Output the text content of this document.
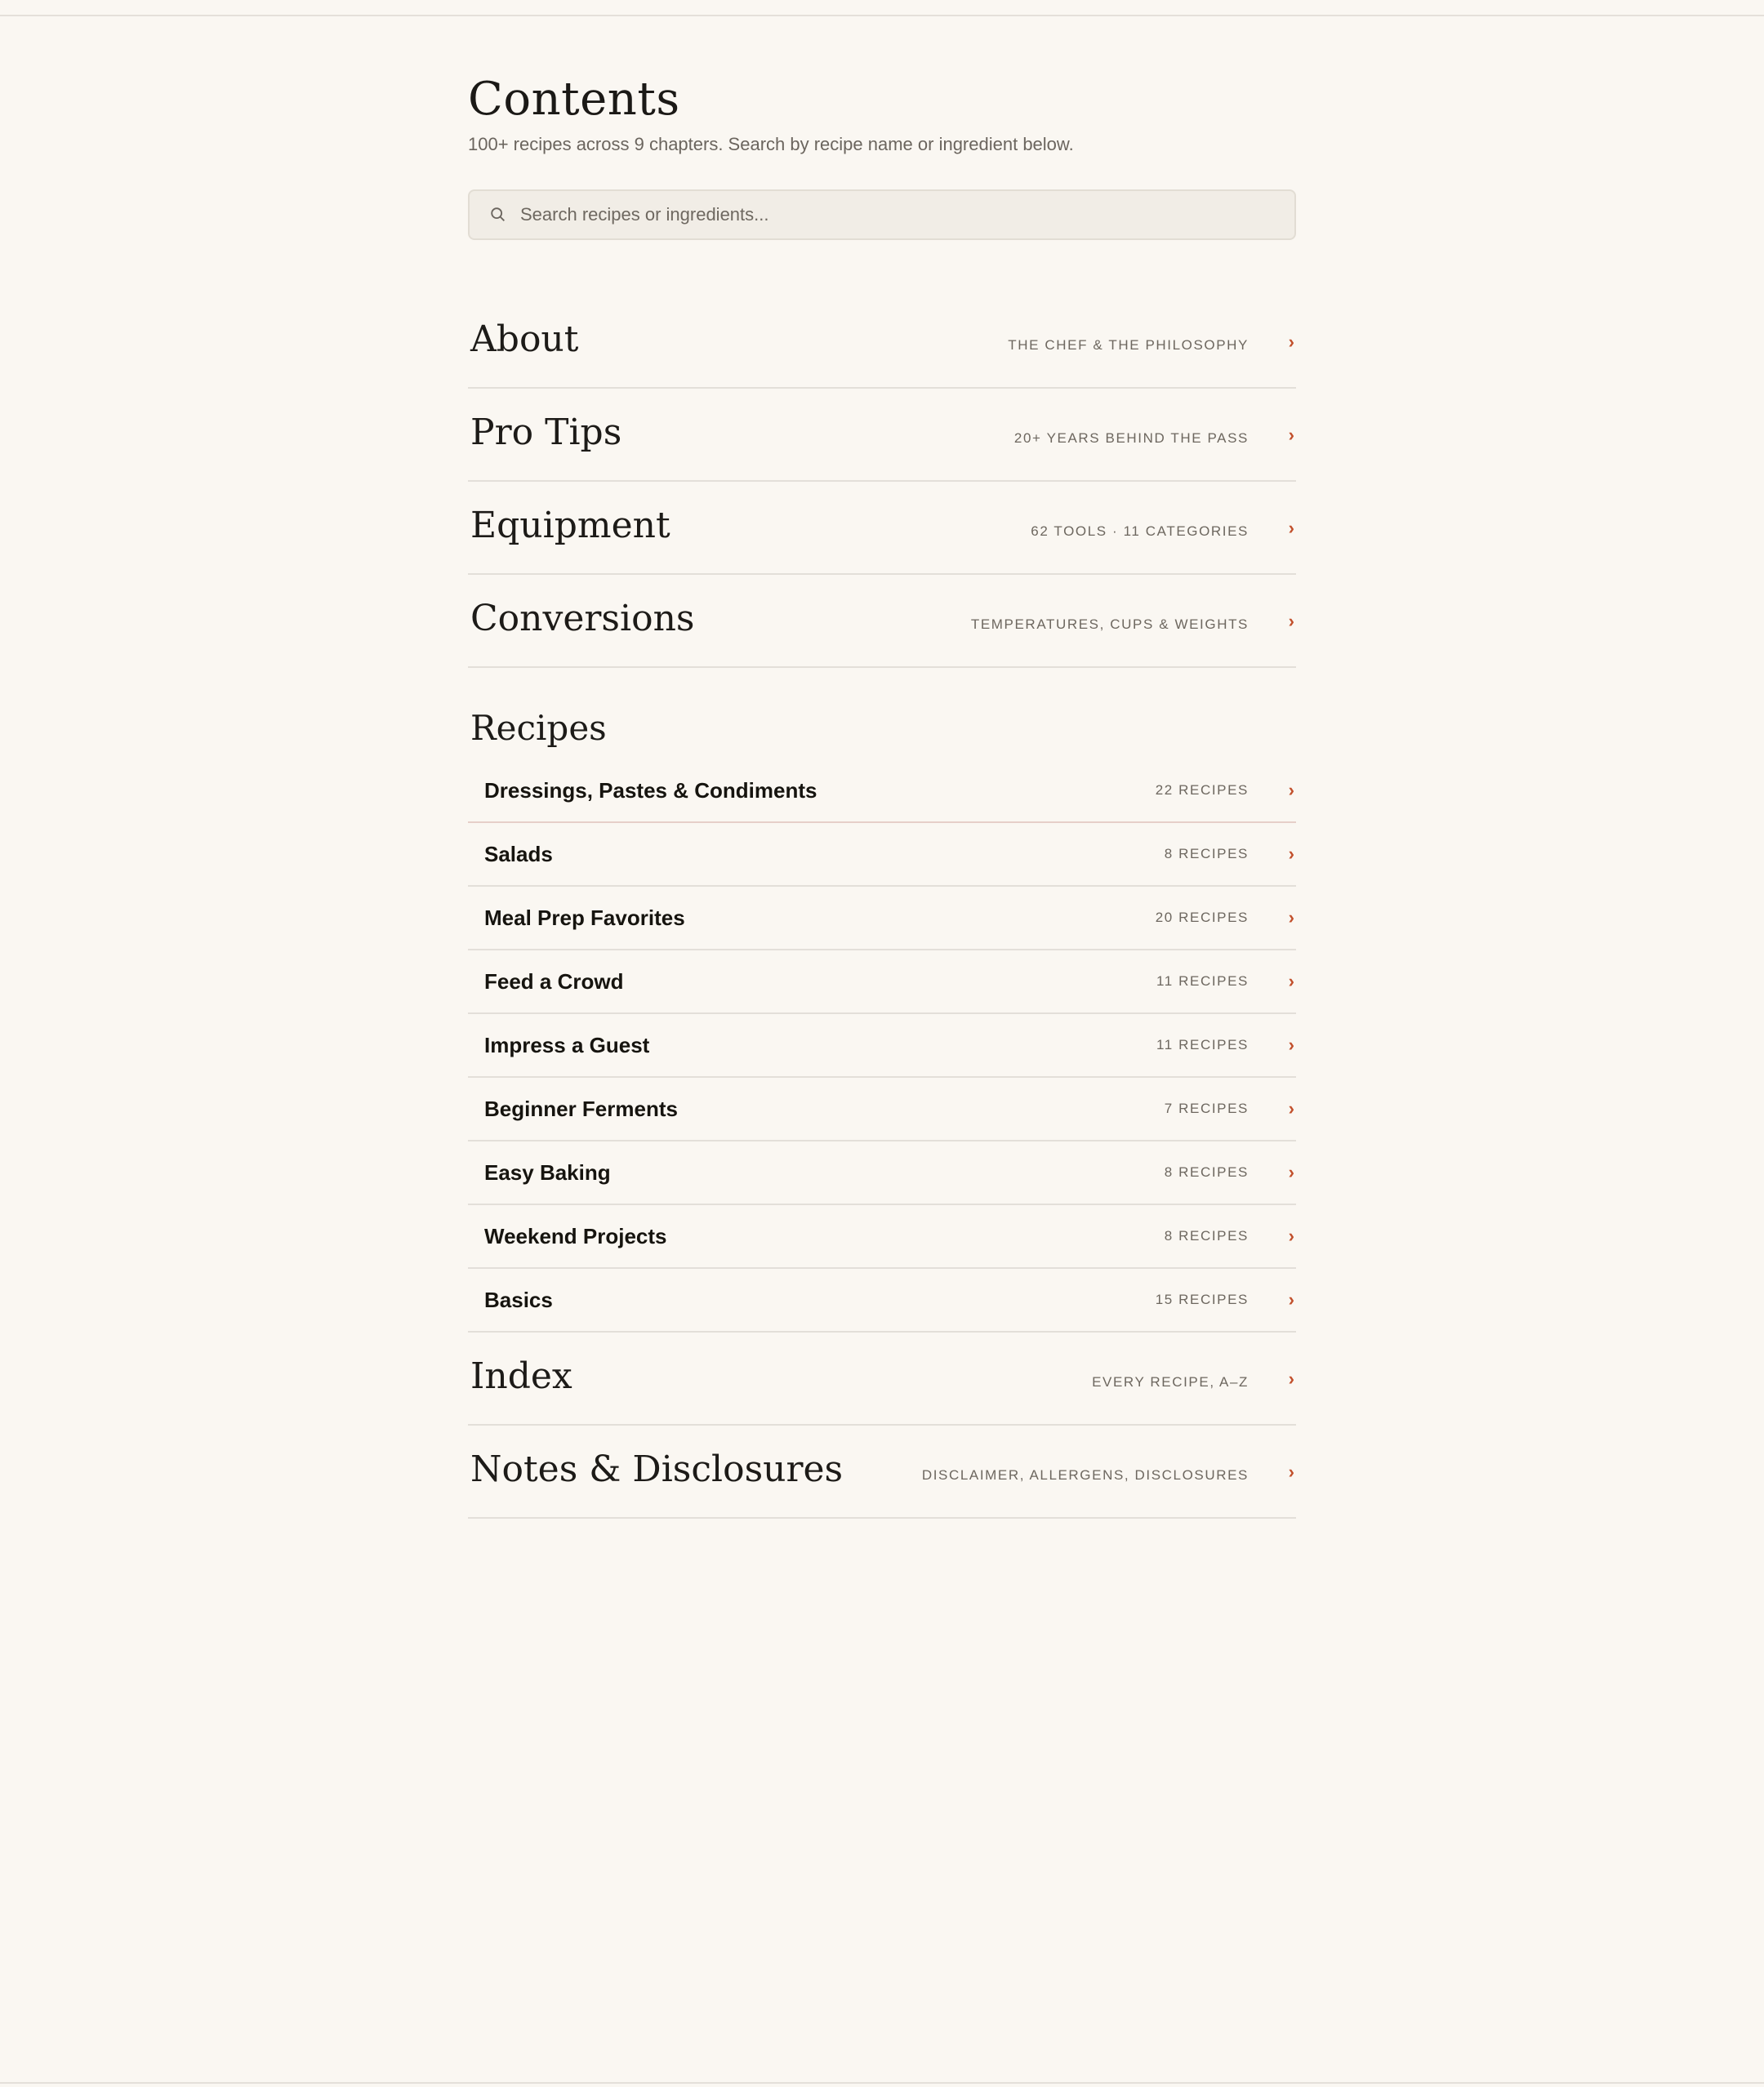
Contents
100+ recipes across 9 chapters. Search by recipe name or ingredient below.
Search recipes or ingredients...
About	THE CHEF & THE PHILOSOPHY	›
Pro Tips	20+ YEARS BEHIND THE PASS	›
Equipment	62 TOOLS · 11 CATEGORIES	›
Conversions	TEMPERATURES, CUPS & WEIGHTS	›
Recipes
Dressings, Pastes & Condiments	22 RECIPES	›
Salads	8 RECIPES	›
Meal Prep Favorites	20 RECIPES	›
Feed a Crowd	11 RECIPES	›
Impress a Guest	11 RECIPES	›
Beginner Ferments	7 RECIPES	›
Easy Baking	8 RECIPES	›
Weekend Projects	8 RECIPES	›
Basics	15 RECIPES	›
Index	EVERY RECIPE, A–Z	›
Notes & Disclosures	DISCLAIMER, ALLERGENS, DISCLOSURES	›
